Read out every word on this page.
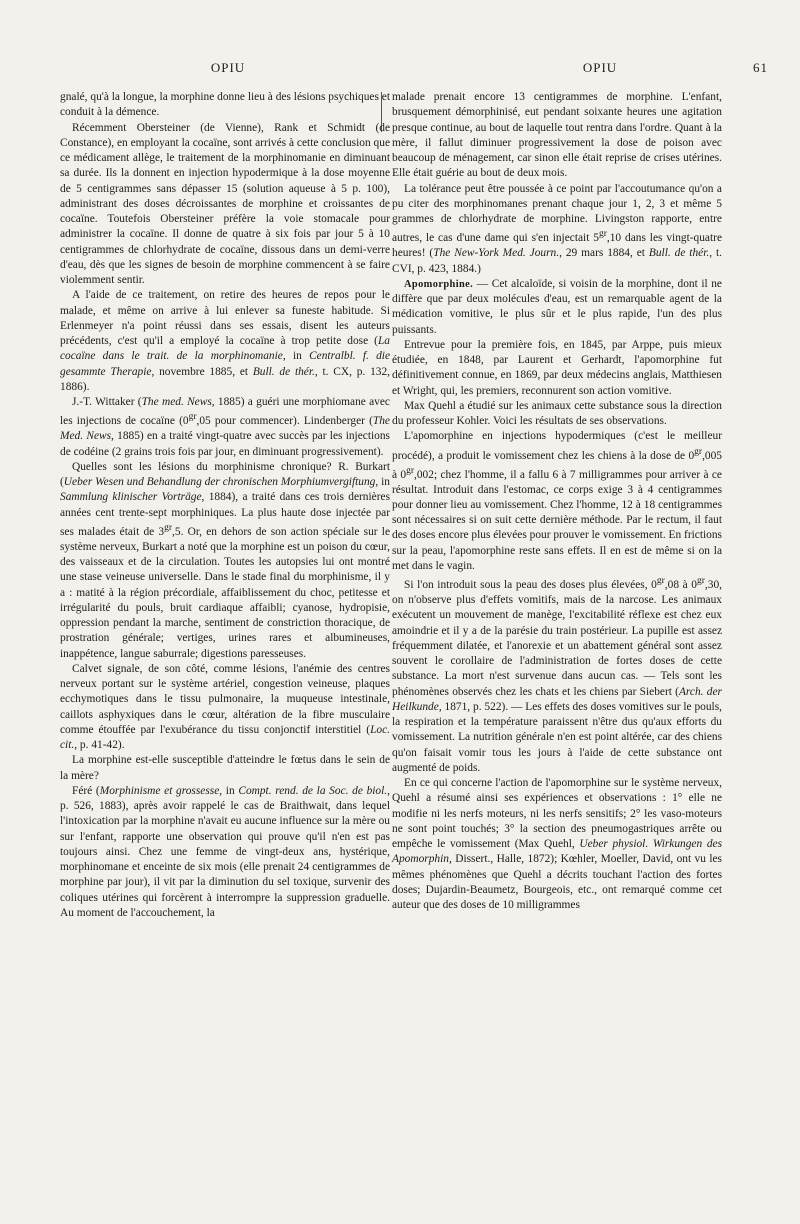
OPIU	OPIU	61

gnalé, qu'à la longue, la morphine donne lieu à des lésions psychiques et conduit à la démence.

Récemment Obersteiner (de Vienne), Rank et Schmidt (de Constance), en employant la cocaïne, sont arrivés à cette conclusion que ce médicament allège, le traitement de la morphinomanie en diminuant sa durée. Ils la donnent en injection hypodermique à la dose moyenne de 5 centigrammes sans dépasser 15 (solution aqueuse à 5 p. 100), administrant des doses décroissantes de morphine et croissantes de cocaïne. Toutefois Obersteiner préfère la voie stomacale pour administrer la cocaïne. Il donne de quatre à six fois par jour 5 à 10 centigrammes de chlorhydrate de cocaïne, dissous dans un demi-verre d'eau, dès que les signes de besoin de morphine commencent à se faire violemment sentir.

A l'aide de ce traitement, on retire des heures de repos pour le malade, et même on arrive à lui enlever sa funeste habitude. Si Erlenmeyer n'a point réussi dans ses essais, disent les auteurs précédents, c'est qu'il a employé la cocaïne à trop petite dose (La cocaïne dans le trait. de la morphinomanie, in Centralbl. f. die gesammte Therapie, novembre 1885, et Bull. de thér., t. CX, p. 132, 1886).

J.-T. Wittaker (The med. News, 1885) a guéri une morphiomane avec les injections de cocaïne ($0^{gr},05$ pour commencer). Lindenberger (The Med. News, 1885) en a traité vingt-quatre avec succès par les injections de codéine (2 grains trois fois par jour, en diminuant progressivement).

Quelles sont les lésions du morphinisme chronique? R. Burkart (Ueber Wesen und Behandlung der chronischen Morphiumvergiftung, in Sammlung klinischer Vorträge, 1884), a traité dans ces trois dernières années cent trente-sept morphiniques. La plus haute dose injectée par ses malades était de $3^{gr},5$. Or, en dehors de son action spéciale sur le système nerveux, Burkart a noté que la morphine est un poison du cœur, des vaisseaux et de la circulation. Toutes les autopsies lui ont montré une stase veineuse universelle. Dans le stade final du morphinisme, il y a : matité à la région précordiale, affaiblissement du choc, petitesse et irrégularité du pouls, bruit cardiaque affaibli; cyanose, hydropisie, oppression pendant la marche, sentiment de constriction thoracique, de prostration générale; vertiges, urines rares et albumineuses, inappétence, langue saburrale; digestions paresseuses.

Calvet signale, de son côté, comme lésions, l'anémie des centres nerveux portant sur le système artériel, congestion veineuse, plaques ecchymotiques dans le tissu pulmonaire, la muqueuse intestinale, caillots asphyxiques dans le cœur, altération de la fibre musculaire comme étouffée par l'exubérance du tissu conjonctif interstitiel (Loc. cit., p. 41-42).

La morphine est-elle susceptible d'atteindre le fœtus dans le sein de la mère?

Féré (Morphinisme et grossesse, in Compt. rend. de la Soc. de biol., p. 526, 1883), après avoir rappelé le cas de Braithwait, dans lequel l'intoxication par la morphine n'avait eu aucune influence sur la mère ou sur l'enfant, rapporte une observation qui prouve qu'il n'en est pas toujours ainsi. Chez une femme de vingt-deux ans, hystérique, morphinomane et enceinte de six mois (elle prenait 24 centigrammes de morphine par jour), il vit par la diminution du sel toxique, survenir des coliques utérines qui forcèrent à interrompre la suppression graduelle. Au moment de l'accouchement, la

malade prenait encore 13 centigrammes de morphine. L'enfant, brusquement démorphinisé, eut pendant soixante heures une agitation presque continue, au bout de laquelle tout rentra dans l'ordre. Quant à la mère, il fallut diminuer progressivement la dose de poison avec beaucoup de ménagement, car sinon elle était reprise de crises utérines. Elle était guérie au bout de deux mois.

La tolérance peut être poussée à ce point par l'accoutumance qu'on a pu citer des morphinomanes prenant chaque jour 1, 2, 3 et même 5 grammes de chlorhydrate de morphine. Livingston rapporte, entre autres, le cas d'une dame qui s'en injectait $5^{gr},10$ dans les vingt-quatre heures! (The New-York Med. Journ., 29 mars 1884, et Bull. de thér., t. CVI, p. 423, 1884.)

Apomorphine. — Cet alcaloïde, si voisin de la morphine, dont il ne diffère que par deux molécules d'eau, est un remarquable agent de la médication vomitive, le plus sûr et le plus rapide, l'un des plus puissants.

Entrevue pour la première fois, en 1845, par Arppe, puis mieux étudiée, en 1848, par Laurent et Gerhardt, l'apomorphine fut définitivement connue, en 1869, par deux médecins anglais, Matthiesen et Wright, qui, les premiers, reconnurent son action vomitive.

Max Quehl a étudié sur les animaux cette substance sous la direction du professeur Kohler. Voici les résultats de ses observations.

L'apomorphine en injections hypodermiques (c'est le meilleur procédé), a produit le vomissement chez les chiens à la dose de $0^{gr},005$ à $0^{gr},002$; chez l'homme, il a fallu 6 à 7 milligrammes pour arriver à ce résultat. Introduit dans l'estomac, ce corps exige 3 à 4 centigrammes pour donner lieu au vomissement. Chez l'homme, 12 à 18 centigrammes sont nécessaires si on suit cette dernière méthode. Par le rectum, il faut des doses encore plus élevées pour prouver le vomissement. En frictions sur la peau, l'apomorphine reste sans effets. Il en est de même si on la met dans le vagin.

Si l'on introduit sous la peau des doses plus élevées, $0^{gr},08$ à $0^{gr},30$, on n'observe plus d'effets vomitifs, mais de la narcose. Les animaux exécutent un mouvement de manège, l'excitabilité réflexe est chez eux amoindrie et il y a de la parésie du train postérieur. La pupille est assez fréquemment dilatée, et l'anorexie et un abattement général sont assez souvent le corollaire de l'administration de fortes doses de cette substance. La mort n'est survenue dans aucun cas. — Tels sont les phénomènes observés chez les chats et les chiens par Siebert (Arch. der Heilkunde, 1871, p. 522). — Les effets des doses vomitives sur le pouls, la respiration et la température paraissent n'être dus qu'aux efforts du vomissement. La nutrition générale n'en est point altérée, car des chiens qu'on faisait vomir tous les jours à l'aide de cette substance ont augmenté de poids.

En ce qui concerne l'action de l'apomorphine sur le système nerveux, Quehl a résumé ainsi ses expériences et observations : 1° elle ne modifie ni les nerfs moteurs, ni les nerfs sensitifs; 2° les vaso-moteurs ne sont point touchés; 3° la section des pneumogastriques arrête ou empêche le vomissement (Max Quehl, Ueber physiol. Wirkungen des Apomorphin, Dissert., Halle, 1872); Kœhler, Moeller, David, ont vu les mêmes phénomènes que Quehl a décrits touchant l'action des fortes doses; Dujardin-Beaumetz, Bourgeois, etc., ont remarqué comme cet auteur que des doses de 10 milligrammes
